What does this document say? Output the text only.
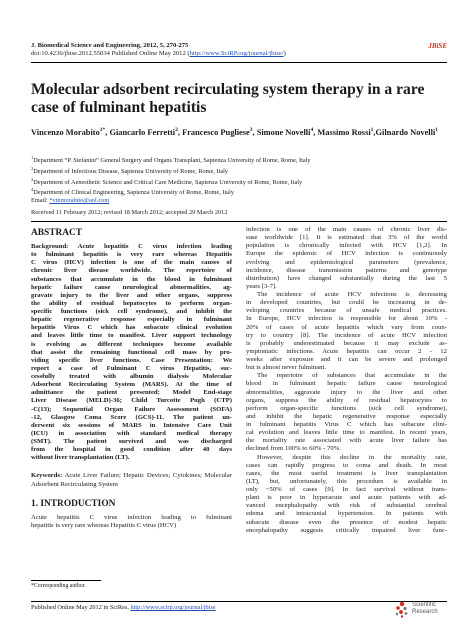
J. Biomedical Science and Engineering, 2012, 5, 270-275
doi:10.4236/jbise.2012.55034 Published Online May 2012 (http://www.SciRP.org/journal/jbise/)
JBiSE
Molecular adsorbent recirculating system therapy in a rare case of fulminant hepatitis
Vincenzo Morabito$^{1*}$, Giancarlo Ferretti$^2$, Francesco Pugliese$^3$, Simone Novelli$^4$, Massimo Rossi$^1$,Gilnardo Novelli$^1$
$^1$Department “P. Stefanini” General Surgery and Organs Transplant, Sapienza University of Rome, Rome, Italy
$^2$Department of Infectious Disease, Sapienza University of Rome, Rome, Italy
$^3$Department of Aenesthetic Science and Critical Care Medicine, Sapienza University of Rome, Rome, Italy
$^4$Department of Clinical Engineering, Sapienza University of Rome, Rome, Italy
Email: *vinmorabito@aol.com
Received 11 February 2012; revised 18 March 2012; accepted 29 March 2012
ABSTRACT
Background: Acute hepatitis C virus infection leading
to fulminant hepatitis is very rare whereas Hepatitis
C virus (HCV) infection is one of the main causes of
chronic liver disease worldwide. The repertoire of
substances that accumulate in the blood in fulminant
hepatic failure cause neurological abnormalities, ag-
gravate injury to the liver and other organs, suppress
the ability of residual hepatocytes to perform organ-
specific functions (sick cell syndrome), and inhibit the
hepatic regenerative response especially in fulminant
hepatitis Virus C which has subacute clinical evolution
and leaves little time to manifest. Liver support technology
is evolving as different techniques become available
that assist the remaining functional cell mass by pro-
viding specific liver functions. Case Presentation: We
report a case of Fulminant C virus Hepatitis, suc-
cessfully treated with albumin dialysis Molecular
Adsorbent Recirculating System (MARS). At the time of
admittance the patient presented: Model End-stage
Liver Disease (MELD)-36; Child Turcotte Pugh (CTP)
-C(13); Sequential Organ Failure Assessment (SOFA)
-12, Glasgow Coma Score (GCS)-11. The patient un-
derwent six sessions of MARS in Intensive Care Unit
(ICU) in association with standard medical therapy
(SMT). The patient survived and was discharged
from the hospital in good condition after 40 days
without liver transplantation (LT).
Keywords: Acute Liver Failure; Hepatic Devices; Cytokines; Molecular Adsorbent Recirculating System
1. INTRODUCTION
Acute hepatitis C virus infection leading to fulminant
hepatitis is very rare whereas Hepatitis C virus (HCV)
infection is one of the main causes of chronic liver dis-
ease worldwide [1]. It is estimated that 3% of the world
population is chronically infected with HCV [1,2]. In
Europe the epidemic of HCV infection is continuously
evolving and epidemiological parameters (prevalence,
incidence, disease transmission patterns and genotype
distribution) have changed substantially during the last 5
years [3-7].
The incidence of acute HCV infections is decreasing
in developed countries, but could be increasing in de-
veloping countries because of unsafe medical practices.
In Europe, HCV infection is responsible for about 10% -
20% of cases of acute hepatitis which vary from coun-
try to country [8]. The incidence of acute HCV infection
is probably underestimated because it may exclude as-
ymptomatic infections. Acute hepatitis can occur 2 - 12
weeks after exposure and it can be severe and prolonged
but is almost never fulminant.
The repertoire of substances that accumulate in the
blood in fulminant hepatic failure cause neurological
abnormalities, aggravate injury to the liver and other
organs, suppress the ability of residual hepatocytes to
perform organ-specific functions (sick cell syndrome),
and inhibit the hepatic regenerative response especially
in fulminant hepatitis Virus C which has subacute clini-
cal evolution and leaves little time to manifest. In recent years,
the mortality rate associated with acute liver failure has
declined from 100% to 60% - 70%.
However, despite this decline in the mortality rate,
cases can rapidly progress to coma and death. In most
cases, the most useful treatment is liver transplantation
(LT), but, unfortunately, this procedure is available in
only ~50% of cases [9]. In fact survival without trans-
plant is poor in hyperacute and acute patients with ad-
vanced encephalopathy with risk of substantial cerebral
edema and intracranial hypertension. In patients with
subacute disease even the presence of modest hepatic
encephalopathy suggests critically impaired liver func-
*Corresponding author.
Published Online May 2012 in SciRes. http://www.scirp.org/journal/jbise	Scientific
Research
